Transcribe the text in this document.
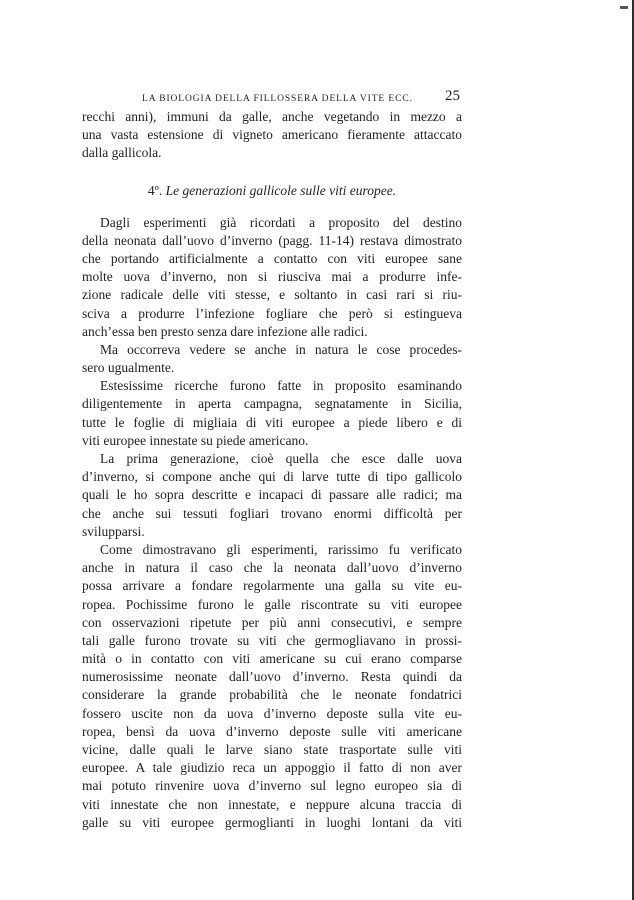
LA BIOLOGIA DELLA FILLOSSERA DELLA VITE ECC. 25
recchi anni), immuni da galle, anche vegetando in mezzo a
una vasta estensione di vigneto americano fieramente attaccato
dalla gallicola.
4º. Le generazioni gallicole sulle viti europee.
Dagli esperimenti già ricordati a proposito del destino
della neonata dall’uovo d’inverno (pagg. 11-14) restava dimostrato
che portando artificialmente a contatto con viti europee sane
molte uova d’inverno, non si riusciva mai a produrre infe-
zione radicale delle viti stesse, e soltanto in casi rari si riu-
sciva a produrre l’infezione fogliare che però si estingueva
anch’essa ben presto senza dare infezione alle radici.
Ma occorreva vedere se anche in natura le cose procedes-
sero ugualmente.
Estesissime ricerche furono fatte in proposito esaminando
diligentemente in aperta campagna, segnatamente in Sicilia,
tutte le foglie di migliaia di viti europee a piede libero e di
viti europee innestate su piede americano.
La prima generazione, cioè quella che esce dalle uova
d’inverno, si compone anche qui di larve tutte di tipo gallicolo
quali le ho sopra descritte e incapaci di passare alle radici; ma
che anche sui tessuti fogliari trovano enormi difficoltà per
svilupparsi.
Come dimostravano gli esperimenti, rarissimo fu verificato
anche in natura il caso che la neonata dall’uovo d’inverno
possa arrivare a fondare regolarmente una galla su vite eu-
ropea. Pochissime furono le galle riscontrate su viti europee
con osservazioni ripetute per più anni consecutivi, e sempre
tali galle furono trovate su viti che germogliavano in prossi-
mità o in contatto con viti americane su cui erano comparse
numerosissime neonate dall’uovo d’inverno. Resta quindi da
considerare la grande probabilità che le neonate fondatrici
fossero uscite non da uova d’inverno deposte sulla vite eu-
ropea, bensì da uova d’inverno deposte sulle viti americane
vicine, dalle quali le larve siano state trasportate sulle viti
europee. A tale giudizio reca un appoggio il fatto di non aver
mai potuto rinvenire uova d’inverno sul legno europeo sia di
viti innestate che non innestate, e neppure alcuna traccia di
galle su viti europee germoglianti in luoghi lontani da viti
